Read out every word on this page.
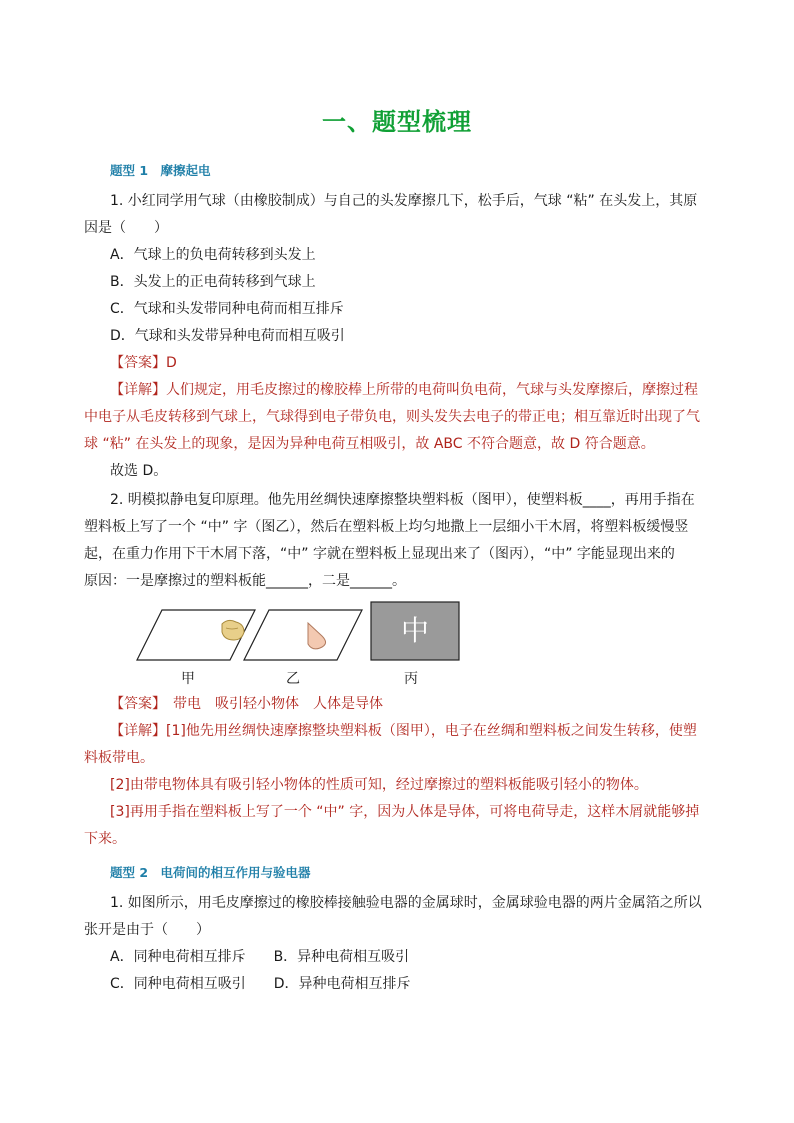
一、题型梳理
题型 1　摩擦起电
1. 小红同学用气球（由橡胶制成）与自己的头发摩擦几下，松手后，气球 “粘” 在头发上，其原
因是（　　）
A．气球上的负电荷转移到头发上
B．头发上的正电荷转移到气球上
C．气球和头发带同种电荷而相互排斥
D．气球和头发带异种电荷而相互吸引
【答案】D
【详解】人们规定，用毛皮擦过的橡胶棒上所带的电荷叫负电荷，气球与头发摩擦后，摩擦过程
中电子从毛皮转移到气球上，气球得到电子带负电，则头发失去电子的带正电；相互靠近时出现了气
球 “粘” 在头发上的现象，是因为异种电荷互相吸引，故 ABC 不符合题意，故 D 符合题意。
故选 D。
2. 明模拟静电复印原理。他先用丝绸快速摩擦整块塑料板（图甲），使塑料板____，再用手指在
塑料板上写了一个 “中” 字（图乙），然后在塑料板上均匀地撒上一层细小干木屑，将塑料板缓慢竖
起，在重力作用下干木屑下落，“中” 字就在塑料板上显现出来了（图丙），“中” 字能显现出来的
原因：一是摩擦过的塑料板能______，二是______。
中
甲	乙	丙
【答案】　带电　吸引轻小物体　人体是导体
【详解】[1]他先用丝绸快速摩擦整块塑料板（图甲），电子在丝绸和塑料板之间发生转移，使塑
料板带电。
[2]由带电物体具有吸引轻小物体的性质可知，经过摩擦过的塑料板能吸引轻小的物体。
[3]再用手指在塑料板上写了一个 “中” 字，因为人体是导体，可将电荷导走，这样木屑就能够掉
下来。
题型 2　电荷间的相互作用与验电器
1. 如图所示，用毛皮摩擦过的橡胶棒接触验电器的金属球时，金属球验电器的两片金属箔之所以
张开是由于（　　）
A．同种电荷相互排斥　　B．异种电荷相互吸引
C．同种电荷相互吸引　　D．异种电荷相互排斥
